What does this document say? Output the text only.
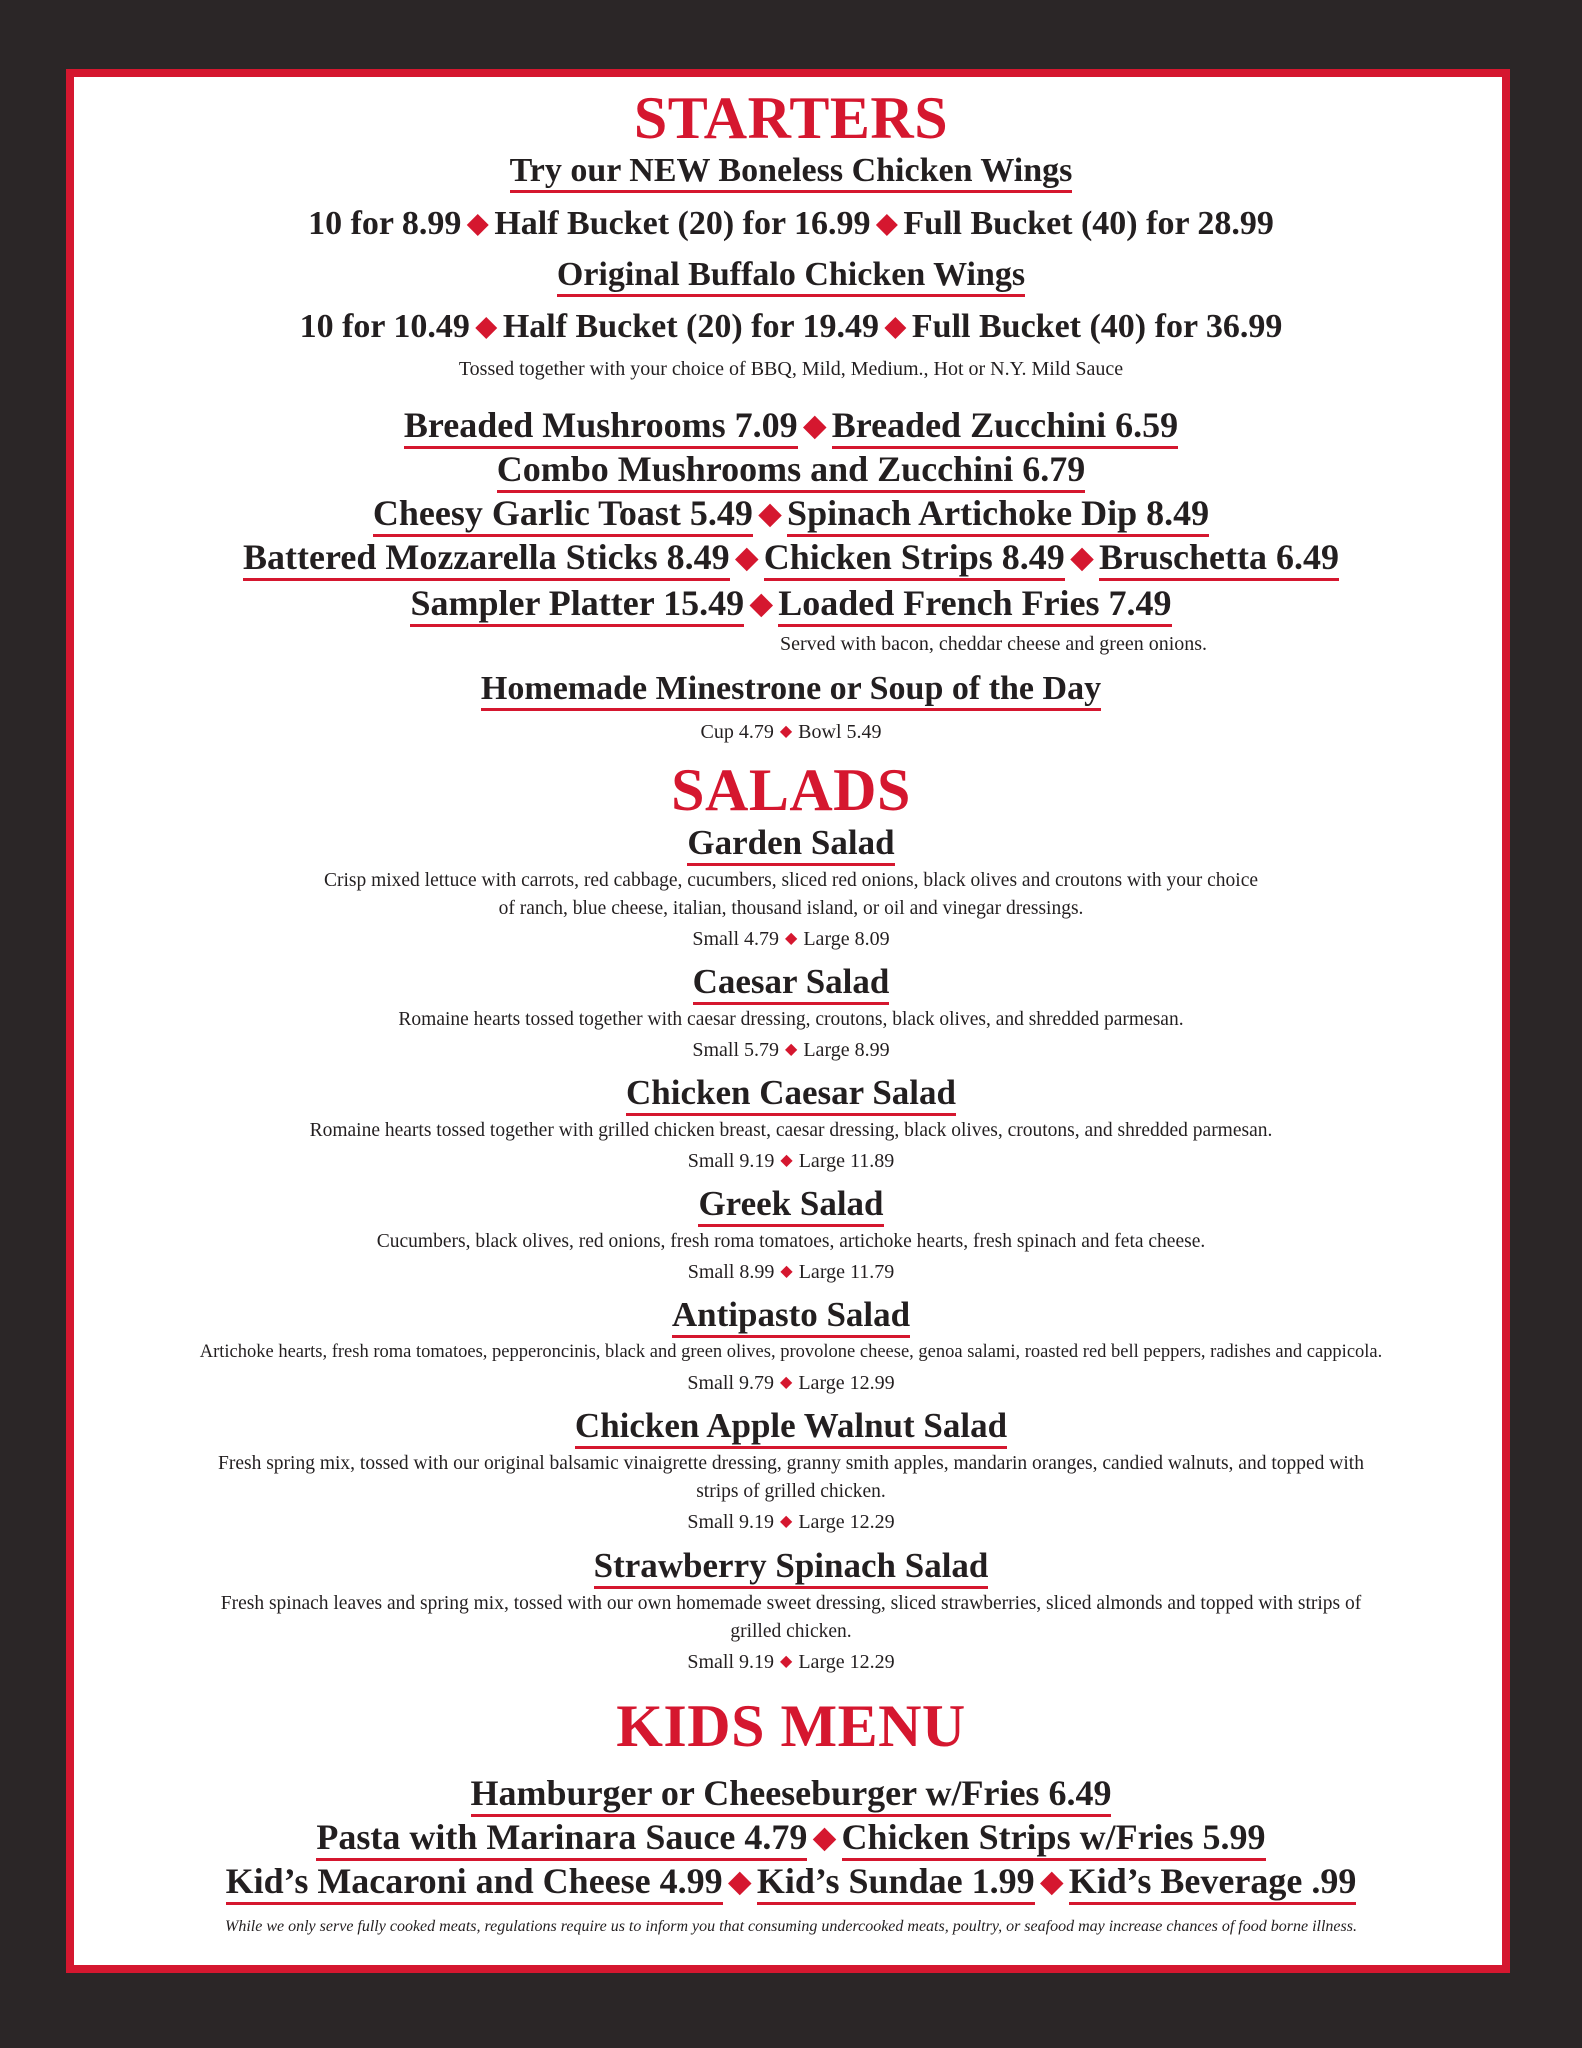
STARTERS
Try our NEW Boneless Chicken Wings
10 for 8.99 ◆ Half Bucket (20) for 16.99 ◆ Full Bucket (40) for 28.99
Original Buffalo Chicken Wings
10 for 10.49 ◆ Half Bucket (20) for 19.49 ◆ Full Bucket (40) for 36.99
Tossed together with your choice of BBQ, Mild, Medium., Hot or N.Y. Mild Sauce
Breaded Mushrooms 7.09 ◆ Breaded Zucchini 6.59
Combo Mushrooms and Zucchini 6.79
Cheesy Garlic Toast 5.49 ◆ Spinach Artichoke Dip 8.49
Battered Mozzarella Sticks 8.49 ◆ Chicken Strips 8.49 ◆ Bruschetta 6.49
Sampler Platter 15.49 ◆ Loaded French Fries 7.49
Served with bacon, cheddar cheese and green onions.
Homemade Minestrone or Soup of the Day
Cup 4.79 ◆ Bowl 5.49
SALADS
Garden Salad
Crisp mixed lettuce with carrots, red cabbage, cucumbers, sliced red onions, black olives and croutons with your choice
of ranch, blue cheese, italian, thousand island, or oil and vinegar dressings.
Small 4.79 ◆ Large 8.09
Caesar Salad
Romaine hearts tossed together with caesar dressing, croutons, black olives, and shredded parmesan.
Small 5.79 ◆ Large 8.99
Chicken Caesar Salad
Romaine hearts tossed together with grilled chicken breast, caesar dressing, black olives, croutons, and shredded parmesan.
Small 9.19 ◆ Large 11.89
Greek Salad
Cucumbers, black olives, red onions, fresh roma tomatoes, artichoke hearts, fresh spinach and feta cheese.
Small 8.99 ◆ Large 11.79
Antipasto Salad
Artichoke hearts, fresh roma tomatoes, pepperoncinis, black and green olives, provolone cheese, genoa salami, roasted red bell peppers, radishes and cappicola.
Small 9.79 ◆ Large 12.99
Chicken Apple Walnut Salad
Fresh spring mix, tossed with our original balsamic vinaigrette dressing, granny smith apples, mandarin oranges, candied walnuts, and topped with
strips of grilled chicken.
Small 9.19 ◆ Large 12.29
Strawberry Spinach Salad
Fresh spinach leaves and spring mix, tossed with our own homemade sweet dressing, sliced strawberries, sliced almonds and topped with strips of
grilled chicken.
Small 9.19 ◆ Large 12.29
KIDS MENU
Hamburger or Cheeseburger w/Fries 6.49
Pasta with Marinara Sauce 4.79 ◆ Chicken Strips w/Fries 5.99
Kid’s Macaroni and Cheese 4.99 ◆ Kid’s Sundae 1.99 ◆ Kid’s Beverage .99
While we only serve fully cooked meats, regulations require us to inform you that consuming undercooked meats, poultry, or seafood may increase chances of food borne illness.
